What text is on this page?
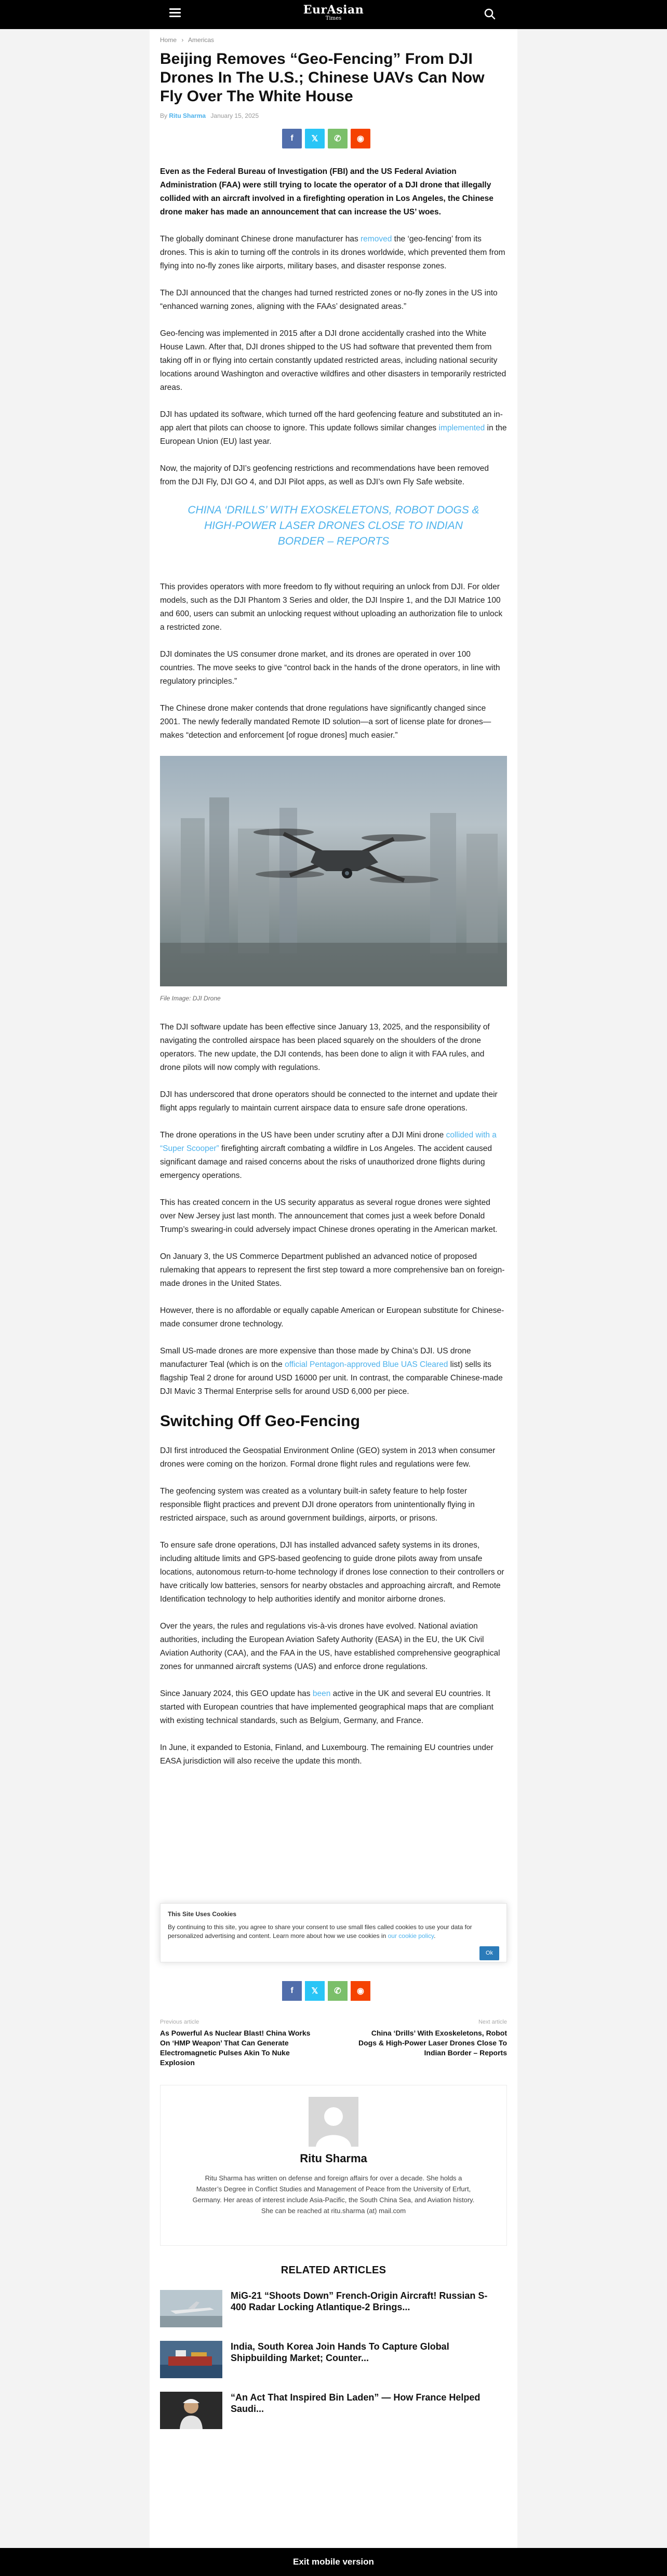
EurAsian
Times
Home › Americas
Beijing Removes “Geo-Fencing” From DJI Drones In The U.S.; Chinese UAVs Can Now Fly Over The White House
By Ritu Sharma January 15, 2025
f 𝕏 ✆ ◉

Even as the Federal Bureau of Investigation (FBI) and the US Federal Aviation Administration (FAA) were still trying to locate the operator of a DJI drone that illegally collided with an aircraft involved in a firefighting operation in Los Angeles, the Chinese drone maker has made an announcement that can increase the US’ woes.

The globally dominant Chinese drone manufacturer has removed the ‘geo-fencing’ from its drones. This is akin to turning off the controls in its drones worldwide, which prevented them from flying into no-fly zones like airports, military bases, and disaster response zones.

The DJI announced that the changes had turned restricted zones or no-fly zones in the US into “enhanced warning zones, aligning with the FAAs’ designated areas.”

Geo-fencing was implemented in 2015 after a DJI drone accidentally crashed into the White House Lawn. After that, DJI drones shipped to the US had software that prevented them from taking off in or flying into certain constantly updated restricted areas, including national security locations around Washington and overactive wildfires and other disasters in temporarily restricted areas.

DJI has updated its software, which turned off the hard geofencing feature and substituted an in-app alert that pilots can choose to ignore. This update follows similar changes implemented in the European Union (EU) last year.

Now, the majority of DJI’s geofencing restrictions and recommendations have been removed from the DJI Fly, DJI GO 4, and DJI Pilot apps, as well as DJI’s own Fly Safe website.

CHINA ‘DRILLS’ WITH EXOSKELETONS, ROBOT DOGS & HIGH-POWER LASER DRONES CLOSE TO INDIAN BORDER – REPORTS

This provides operators with more freedom to fly without requiring an unlock from DJI. For older models, such as the DJI Phantom 3 Series and older, the DJI Inspire 1, and the DJI Matrice 100 and 600, users can submit an unlocking request without uploading an authorization file to unlock a restricted zone.

DJI dominates the US consumer drone market, and its drones are operated in over 100 countries. The move seeks to give “control back in the hands of the drone operators, in line with regulatory principles.”

The Chinese drone maker contends that drone regulations have significantly changed since 2001. The newly federally mandated Remote ID solution—a sort of license plate for drones—makes “detection and enforcement [of rogue drones] much easier.”

File Image: DJI Drone

The DJI software update has been effective since January 13, 2025, and the responsibility of navigating the controlled airspace has been placed squarely on the shoulders of the drone operators. The new update, the DJI contends, has been done to align it with FAA rules, and drone pilots will now comply with regulations.

DJI has underscored that drone operators should be connected to the internet and update their flight apps regularly to maintain current airspace data to ensure safe drone operations.

The drone operations in the US have been under scrutiny after a DJI Mini drone collided with a “Super Scooper” firefighting aircraft combating a wildfire in Los Angeles. The accident caused significant damage and raised concerns about the risks of unauthorized drone flights during emergency operations.

This has created concern in the US security apparatus as several rogue drones were sighted over New Jersey just last month. The announcement that comes just a week before Donald Trump’s swearing-in could adversely impact Chinese drones operating in the American market.

On January 3, the US Commerce Department published an advanced notice of proposed rulemaking that appears to represent the first step toward a more comprehensive ban on foreign-made drones in the United States.

However, there is no affordable or equally capable American or European substitute for Chinese-made consumer drone technology.

Small US-made drones are more expensive than those made by China’s DJI. US drone manufacturer Teal (which is on the official Pentagon-approved Blue UAS Cleared list) sells its flagship Teal 2 drone for around USD 16000 per unit. In contrast, the comparable Chinese-made DJI Mavic 3 Thermal Enterprise sells for around USD 6,000 per piece.

Switching Off Geo-Fencing

DJI first introduced the Geospatial Environment Online (GEO) system in 2013 when consumer drones were coming on the horizon. Formal drone flight rules and regulations were few.

The geofencing system was created as a voluntary built-in safety feature to help foster responsible flight practices and prevent DJI drone operators from unintentionally flying in restricted airspace, such as around government buildings, airports, or prisons.

To ensure safe drone operations, DJI has installed advanced safety systems in its drones, including altitude limits and GPS-based geofencing to guide drone pilots away from unsafe locations, autonomous return-to-home technology if drones lose connection to their controllers or have critically low batteries, sensors for nearby obstacles and approaching aircraft, and Remote Identification technology to help authorities identify and monitor airborne drones.

Over the years, the rules and regulations vis-à-vis drones have evolved. National aviation authorities, including the European Aviation Safety Authority (EASA) in the EU, the UK Civil Aviation Authority (CAA), and the FAA in the US, have established comprehensive geographical zones for unmanned aircraft systems (UAS) and enforce drone regulations.

Since January 2024, this GEO update has been active in the UK and several EU countries. It started with European countries that have implemented geographical maps that are compliant with existing technical standards, such as Belgium, Germany, and France.

In June, it expanded to Estonia, Finland, and Luxembourg. The remaining EU countries under EASA jurisdiction will also receive the update this month.

This Site Uses Cookies
By continuing to this site, you agree to share your consent to use small files called cookies to use your data for personalized advertising and content. Learn more about how we use cookies in our cookie policy.
Ok
f 𝕏 ✆ ◉
Previous article
As Powerful As Nuclear Blast! China Works On ‘HMP Weapon’ That Can Generate Electromagnetic Pulses Akin To Nuke Explosion
Next article
China ‘Drills’ With Exoskeletons, Robot Dogs & High-Power Laser Drones Close To Indian Border – Reports
Ritu Sharma
Ritu Sharma has written on defense and foreign affairs for over a decade. She holds a Master’s Degree in Conflict Studies and Management of Peace from the University of Erfurt, Germany. Her areas of interest include Asia-Pacific, the South China Sea, and Aviation history. She can be reached at ritu.sharma (at) mail.com
RELATED ARTICLES
MiG-21 “Shoots Down” French-Origin Aircraft! Russian S-400 Radar Locking Atlantique-2 Brings...
India, South Korea Join Hands To Capture Global Shipbuilding Market; Counter...
“An Act That Inspired Bin Laden” — How France Helped Saudi...
Exit mobile version
